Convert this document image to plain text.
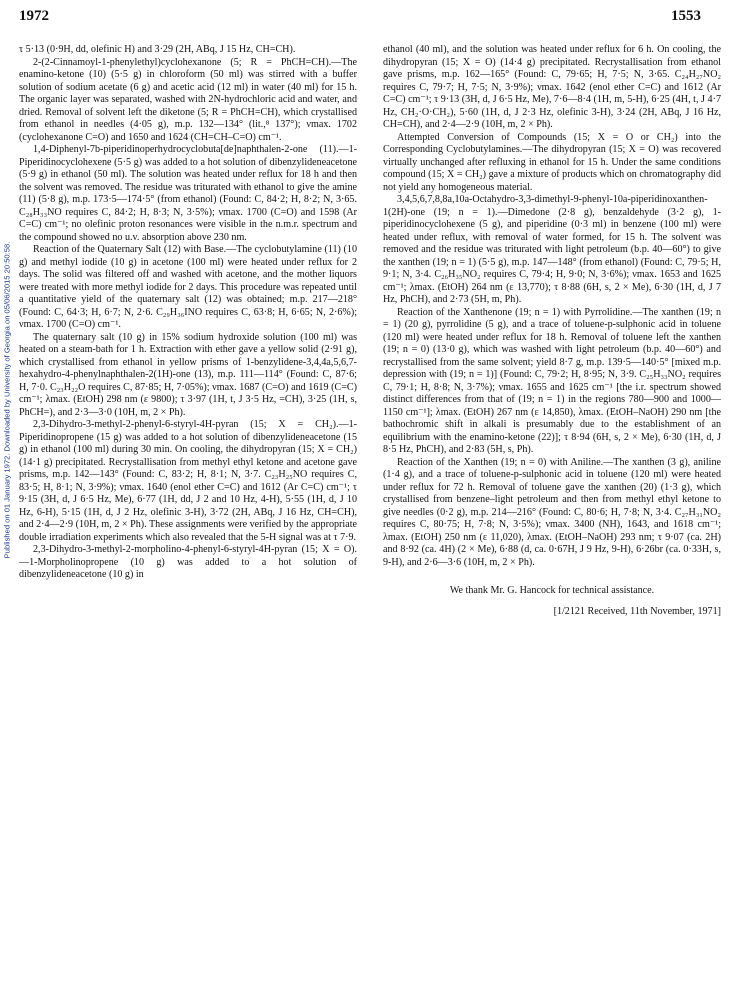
1972	1553
Published on 01 January 1972. Downloaded by University of Georgia on 05/06/2015 20:50:58.

τ 5·13 (0·9H, dd, olefinic H) and 3·29 (2H, ABq, J 15 Hz, CH=CH).

2-(2-Cinnamoyl-1-phenylethyl)cyclohexanone (5; R = PhCH=CH).—The enamino-ketone (10) (5·5 g) in chloroform (50 ml) was stirred with a buffer solution of sodium acetate (6 g) and acetic acid (12 ml) in water (40 ml) for 15 h. The organic layer was separated, washed with 2N-hydrochloric acid and water, and dried. Removal of solvent left the diketone (5; R = PhCH=CH), which crystallised from ethanol in needles (4·05 g), m.p. 132—134° (lit.,⁸ 137°); νmax. 1702 (cyclohexanone C=O) and 1650 and 1624 (CH=CH–C=O) cm⁻¹.

1,4-Diphenyl-7b-piperidinoperhydrocyclobuta[de]naphthalen-2-one (11).—1-Piperidinocyclohexene (5·5 g) was added to a hot solution of dibenzylideneacetone (5·9 g) in ethanol (50 ml). The solution was heated under reflux for 18 h and then the solvent was removed. The residue was triturated with ethanol to give the amine (11) (5·8 g), m.p. 173·5—174·5° (from ethanol) (Found: C, 84·2; H, 8·2; N, 3·65. C₂₈H₃₃NO requires C, 84·2; H, 8·3; N, 3·5%); νmax. 1700 (C=O) and 1598 (Ar C=C) cm⁻¹; no olefinic proton resonances were visible in the n.m.r. spectrum and the compound showed no u.v. absorption above 230 nm.

Reaction of the Quaternary Salt (12) with Base.—The cyclobutylamine (11) (10 g) and methyl iodide (10 g) in acetone (100 ml) were heated under reflux for 2 days. The solid was filtered off and washed with acetone, and the mother liquors were treated with more methyl iodide for 2 days. This procedure was repeated until a quantitative yield of the quaternary salt (12) was obtained; m.p. 217—218° (Found: C, 64·3; H, 6·7; N, 2·6. C₂₉H₃₆INO requires C, 63·8; H, 6·65; N, 2·6%); νmax. 1700 (C=O) cm⁻¹.

The quaternary salt (10 g) in 15% sodium hydroxide solution (100 ml) was heated on a steam-bath for 1 h. Extraction with ether gave a yellow solid (2·91 g), which crystallised from ethanol in yellow prisms of 1-benzylidene-3,4,4a,5,6,7-hexahydro-4-phenylnaphthalen-2(1H)-one (13), m.p. 111—114° (Found: C, 87·6; H, 7·0. C₂₃H₂₂O requires C, 87·85; H, 7·05%); νmax. 1687 (C=O) and 1619 (C=C) cm⁻¹; λmax. (EtOH) 298 nm (ε 9800); τ 3·97 (1H, t, J 3·5 Hz, =CH), 3·25 (1H, s, PhCH=), and 2·3—3·0 (10H, m, 2 × Ph).

2,3-Dihydro-3-methyl-2-phenyl-6-styryl-4H-pyran (15; X = CH₂).—1-Piperidinopropene (15 g) was added to a hot solution of dibenzylideneacetone (15 g) in ethanol (100 ml) during 30 min. On cooling, the dihydropyran (15; X = CH₂) (14·1 g) precipitated. Recrystallisation from methyl ethyl ketone and acetone gave prisms, m.p. 142—143° (Found: C, 83·2; H, 8·1; N, 3·7. C₂₃H₂₅NO requires C, 83·5; H, 8·1; N, 3·9%); νmax. 1640 (enol ether C=C) and 1612 (Ar C=C) cm⁻¹; τ 9·15 (3H, d, J 6·5 Hz, Me), 6·77 (1H, dd, J 2 and 10 Hz, 4-H), 5·55 (1H, d, J 10 Hz, 6-H), 5·15 (1H, d, J 2 Hz, olefinic 3-H), 3·72 (2H, ABq, J 16 Hz, CH=CH), and 2·4—2·9 (10H, m, 2 × Ph). These assignments were verified by the appropriate double irradiation experiments which also revealed that the 5-H signal was at τ 7·9.

2,3-Dihydro-3-methyl-2-morpholino-4-phenyl-6-styryl-4H-pyran (15; X = O).—1-Morpholinopropene (10 g) was added to a hot solution of dibenzylideneacetone (10 g) in

ethanol (40 ml), and the solution was heated under reflux for 6 h. On cooling, the dihydropyran (15; X = O) (14·4 g) precipitated. Recrystallisation from ethanol gave prisms, m.p. 162—165° (Found: C, 79·65; H, 7·5; N, 3·65. C₂₄H₂₇NO₂ requires C, 79·7; H, 7·5; N, 3·9%); νmax. 1642 (enol ether C=C) and 1612 (Ar C=C) cm⁻¹; τ 9·13 (3H, d, J 6·5 Hz, Me), 7·6—8·4 (1H, m, 5-H), 6·25 (4H, t, J 4·7 Hz, CH₂·O·CH₂), 5·60 (1H, d, J 2·3 Hz, olefinic 3-H), 3·24 (2H, ABq, J 16 Hz, CH=CH), and 2·4—2·9 (10H, m, 2 × Ph).

Attempted Conversion of Compounds (15; X = O or CH₂) into the Corresponding Cyclobutylamines.—The dihydropyran (15; X = O) was recovered virtually unchanged after refluxing in ethanol for 15 h. Under the same conditions compound (15; X = CH₂) gave a mixture of products which on chromatography did not yield any homogeneous material.

3,4,5,6,7,8,8a,10a-Octahydro-3,3-dimethyl-9-phenyl-10a-piperidinoxanthen-1(2H)-one (19; n = 1).—Dimedone (2·8 g), benzaldehyde (3·2 g), 1-piperidinocyclohexene (5 g), and piperidine (0·3 ml) in benzene (100 ml) were heated under reflux, with removal of water formed, for 15 h. The solvent was removed and the residue was triturated with light petroleum (b.p. 40—60°) to give the xanthen (19; n = 1) (5·5 g), m.p. 147—148° (from ethanol) (Found: C, 79·5; H, 9·1; N, 3·4. C₂₆H₃₅NO₂ requires C, 79·4; H, 9·0; N, 3·6%); νmax. 1653 and 1625 cm⁻¹; λmax. (EtOH) 264 nm (ε 13,770); τ 8·88 (6H, s, 2 × Me), 6·30 (1H, d, J 7 Hz, PhCH), and 2·73 (5H, m, Ph).

Reaction of the Xanthenone (19; n = 1) with Pyrrolidine.—The xanthen (19; n = 1) (20 g), pyrrolidine (5 g), and a trace of toluene-p-sulphonic acid in toluene (120 ml) were heated under reflux for 18 h. Removal of toluene left the xanthen (19; n = 0) (13·0 g), which was washed with light petroleum (b.p. 40—60°) and recrystallised from the same solvent; yield 8·7 g, m.p. 139·5—140·5° [mixed m.p. depression with (19; n = 1)] (Found: C, 79·2; H, 8·95; N, 3·9. C₂₅H₃₃NO₂ requires C, 79·1; H, 8·8; N, 3·7%); νmax. 1655 and 1625 cm⁻¹ [the i.r. spectrum showed distinct differences from that of (19; n = 1) in the regions 780—900 and 1000—1150 cm⁻¹]; λmax. (EtOH) 267 nm (ε 14,850), λmax. (EtOH–NaOH) 290 nm [the bathochromic shift in alkali is presumably due to the establishment of an equilibrium with the enamino-ketone (22)]; τ 8·94 (6H, s, 2 × Me), 6·30 (1H, d, J 8·5 Hz, PhCH), and 2·83 (5H, s, Ph).

Reaction of the Xanthen (19; n = 0) with Aniline.—The xanthen (3 g), aniline (1·4 g), and a trace of toluene-p-sulphonic acid in toluene (120 ml) were heated under reflux for 72 h. Removal of toluene gave the xanthen (20) (1·3 g), which crystallised from benzene–light petroleum and then from methyl ethyl ketone to give needles (0·2 g), m.p. 214—216° (Found: C, 80·6; H, 7·8; N, 3·4. C₂₇H₃₁NO₂ requires C, 80·75; H, 7·8; N, 3·5%); νmax. 3400 (NH), 1643, and 1618 cm⁻¹; λmax. (EtOH) 250 nm (ε 11,020), λmax. (EtOH–NaOH) 293 nm; τ 9·07 (ca. 2H) and 8·92 (ca. 4H) (2 × Me), 6·88 (d, ca. 0·67H, J 9 Hz, 9-H), 6·26br (ca. 0·33H, s, 9-H), and 2·6—3·6 (10H, m, 2 × Ph).

We thank Mr. G. Hancock for technical assistance.

[1/2121 Received, 11th November, 1971]
